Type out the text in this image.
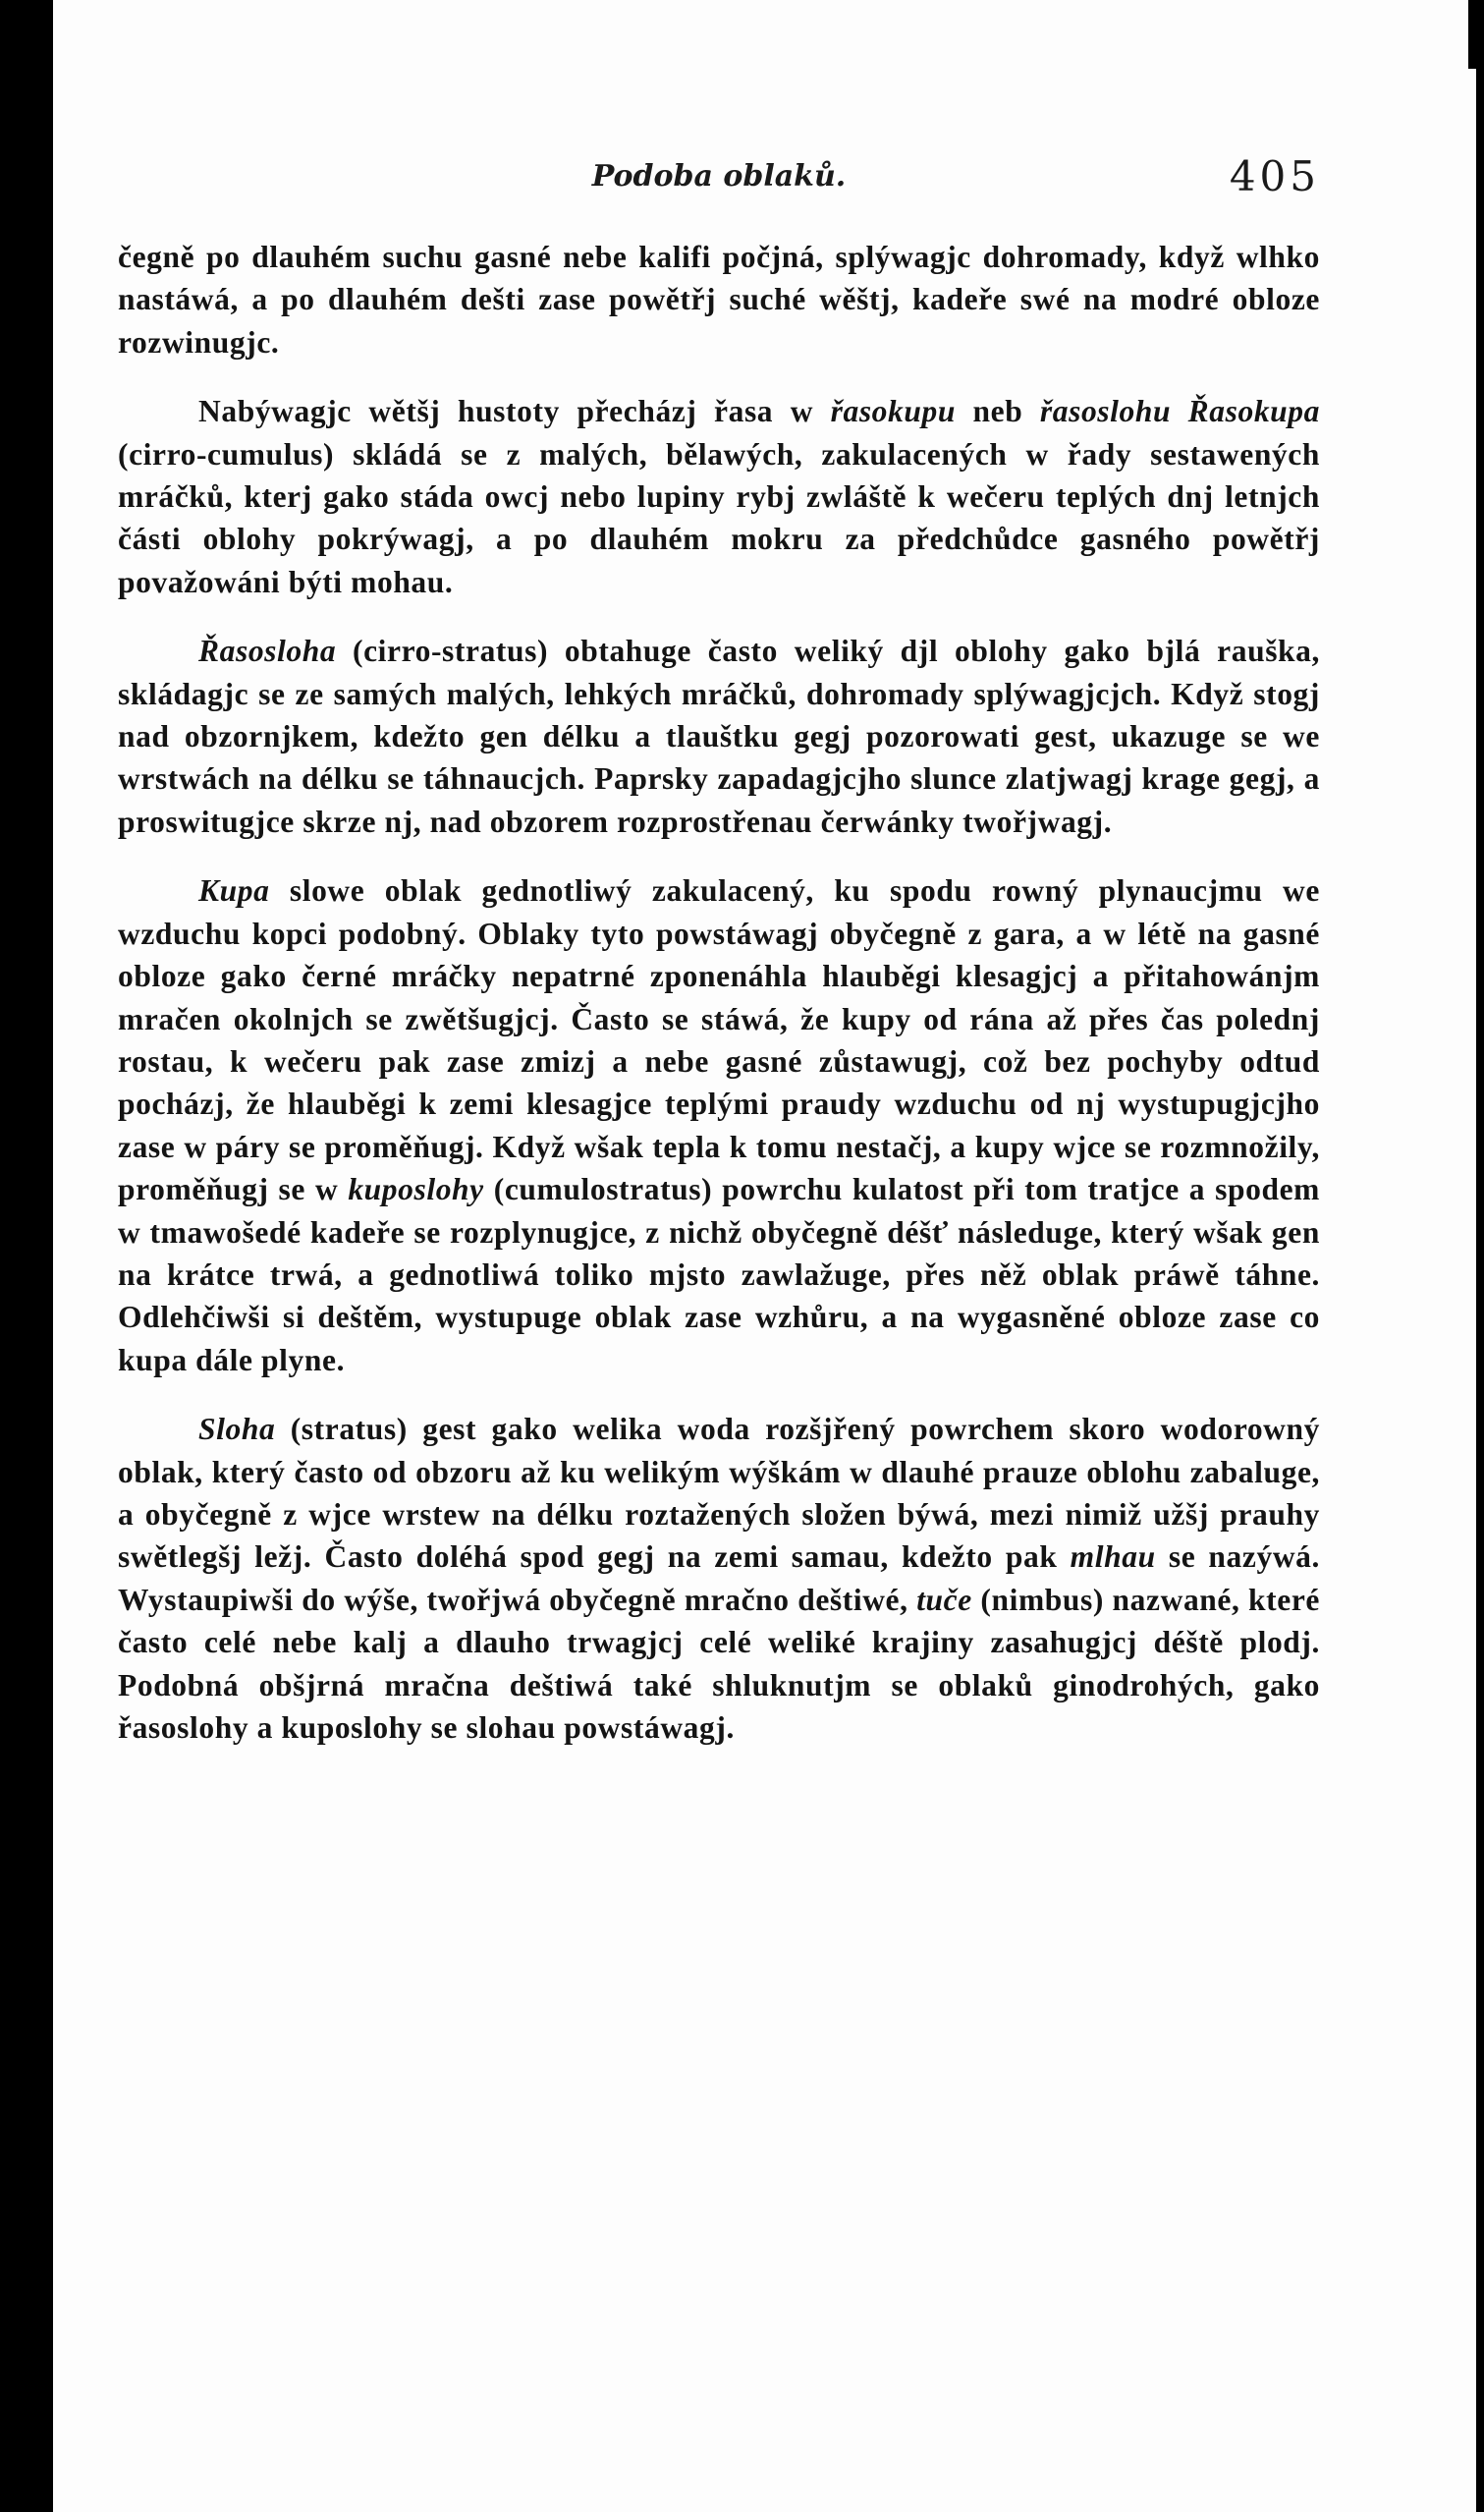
Podoba oblaků.	405

čegně po dlauhém suchu gasné nebe kalifi počjná, splýwagjc dohromady, když wlhko nastáwá, a po dlauhém dešti zase powětřj suché wěštj, kadeře swé na modré obloze rozwinugjc.

Nabýwagjc wětšj hustoty přecházj řasa w řasokupu neb řasoslohu Řasokupa (cirro-cumulus) skládá se z malých, bělawých, zakulacených w řady sestawených mráčků, kterj gako stáda owcj nebo lupiny rybj zwláště k wečeru teplých dnj letnjch části oblohy pokrýwagj, a po dlauhém mokru za předchůdce gasného powětřj považowáni býti mohau.

Řasosloha (cirro-stratus) obtahuge často weliký djl oblohy gako bjlá rauška, skládagjc se ze samých malých, lehkých mráčků, dohromady splýwagjcjch. Když stogj nad obzornjkem, kdežto gen délku a tlauštku gegj pozorowati gest, ukazuge se we wrstwách na délku se táhnaucjch. Paprsky zapadagjcjho slunce zlatjwagj krage gegj, a proswitugjce skrze nj, nad obzorem rozprostřenau čerwánky twořjwagj.

Kupa slowe oblak gednotliwý zakulacený, ku spodu rowný plynaucjmu we wzduchu kopci podobný. Oblaky tyto powstáwagj obyčegně z gara, a w létě na gasné obloze gako černé mráčky nepatrné zponenáhla hlauběgi klesagjcj a přitahowánjm mračen okolnjch se zwětšugjcj. Často se stáwá, že kupy od rána až přes čas polednj rostau, k wečeru pak zase zmizj a nebe gasné zůstawugj, což bez pochyby odtud pocházj, že hlauběgi k zemi klesagjce teplými praudy wzduchu od nj wystupugjcjho zase w páry se proměňugj. Když wšak tepla k tomu nestačj, a kupy wjce se rozmnožily, proměňugj se w kuposlohy (cumulostratus) powrchu kulatost při tom tratjce a spodem w tmawošedé kadeře se rozplynugjce, z nichž obyčegně déšť následuge, který wšak gen na krátce trwá, a gednotliwá toliko mjsto zawlažuge, přes něž oblak práwě táhne. Odlehčiwši si deštěm, wystupuge oblak zase wzhůru, a na wygasněné obloze zase co kupa dále plyne.

Sloha (stratus) gest gako welika woda rozšjřený powrchem skoro wodorowný oblak, který často od obzoru až ku welikým wýškám w dlauhé prauze oblohu zabaluge, a obyčegně z wjce wrstew na délku roztažených složen býwá, mezi nimiž užšj prauhy swětlegšj ležj. Často doléhá spod gegj na zemi samau, kdežto pak mlhau se nazýwá. Wystaupiwši do wýše, twořjwá obyčegně mračno deštiwé, tuče (nimbus) nazwané, které často celé nebe kalj a dlauho trwagjcj celé weliké krajiny zasahugjcj déště plodj. Podobná obšjrná mračna deštiwá také shluknutjm se oblaků ginodrohých, gako řasoslohy a kuposlohy se slohau powstáwagj.
